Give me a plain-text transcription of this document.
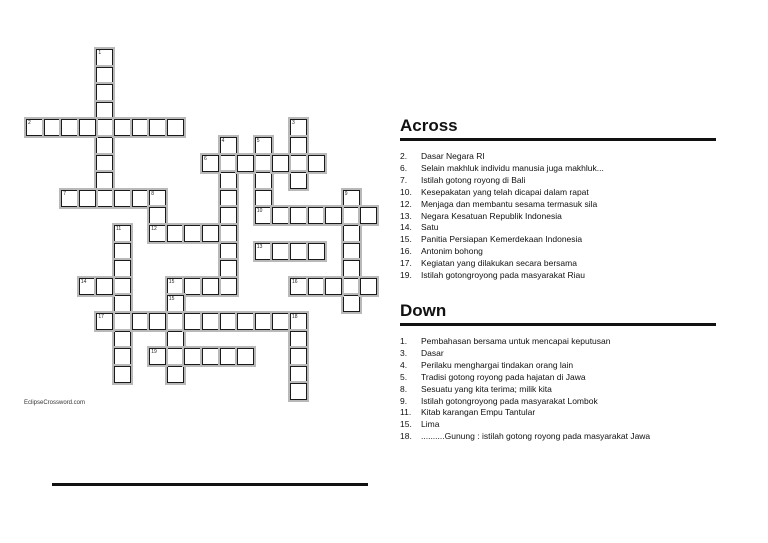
1
2	3
4	5
6
7	8
12
9
10
11
13
14	15	16
15
17	18
19
EclipseCrossword.com
Across
2.	Dasar Negara RI
6.	Selain makhluk individu manusia juga makhluk...
7.	Istilah gotong royong di Bali
10.	Kesepakatan yang telah dicapai dalam rapat
12.	Menjaga dan membantu sesama termasuk sila
13.	Negara Kesatuan Republik Indonesia
14.	Satu
15.	Panitia Persiapan Kemerdekaan Indonesia
16.	Antonim bohong
17.	Kegiatan yang dilakukan secara bersama
19.	Istilah gotongroyong pada masyarakat Riau
Down
1.	Pembahasan bersama untuk mencapai keputusan
3.	Dasar
4.	Perilaku menghargai tindakan orang lain
5.	Tradisi gotong royong pada hajatan di Jawa
8.	Sesuatu yang kita terima; milik kita
9.	Istilah gotongroyong pada masyarakat Lombok
11.	Kitab karangan Empu Tantular
15.	Lima
18.	..........Gunung : istilah gotong royong pada masyarakat Jawa
